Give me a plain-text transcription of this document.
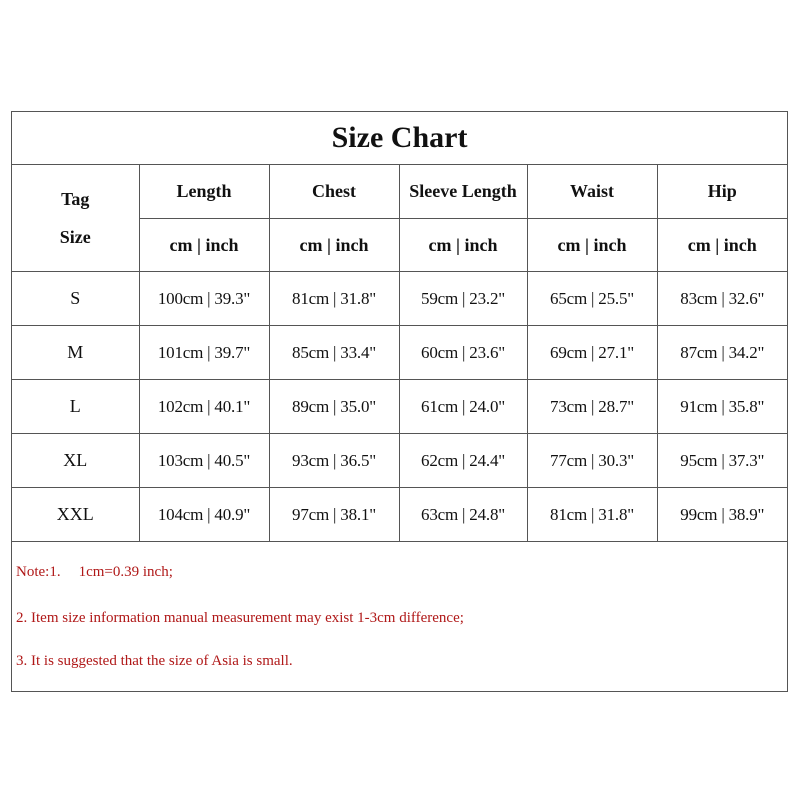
Size Chart					

Tag
Size	Length	Chest	Sleeve Length	Waist	Hip
	cm | inch	cm | inch	cm | inch	cm | inch	cm | inch
S	100cm | 39.3"	81cm | 31.8"	59cm | 23.2"	65cm | 25.5"	83cm | 32.6"
M	101cm | 39.7"	85cm | 33.4"	60cm | 23.6"	69cm | 27.1"	87cm | 34.2"
L	102cm | 40.1"	89cm | 35.0"	61cm | 24.0"	73cm | 28.7"	91cm | 35.8"
XL	103cm | 40.5"	93cm | 36.5"	62cm | 24.4"	77cm | 30.3"	95cm | 37.3"
XXL	104cm | 40.9"	97cm | 38.1"	63cm | 24.8"	81cm | 31.8"	99cm | 38.9"
Note:1. 1cm=0.39 inch;
2. Item size information manual measurement may exist 1-3cm difference;
3. It is suggested that the size of Asia is small.
